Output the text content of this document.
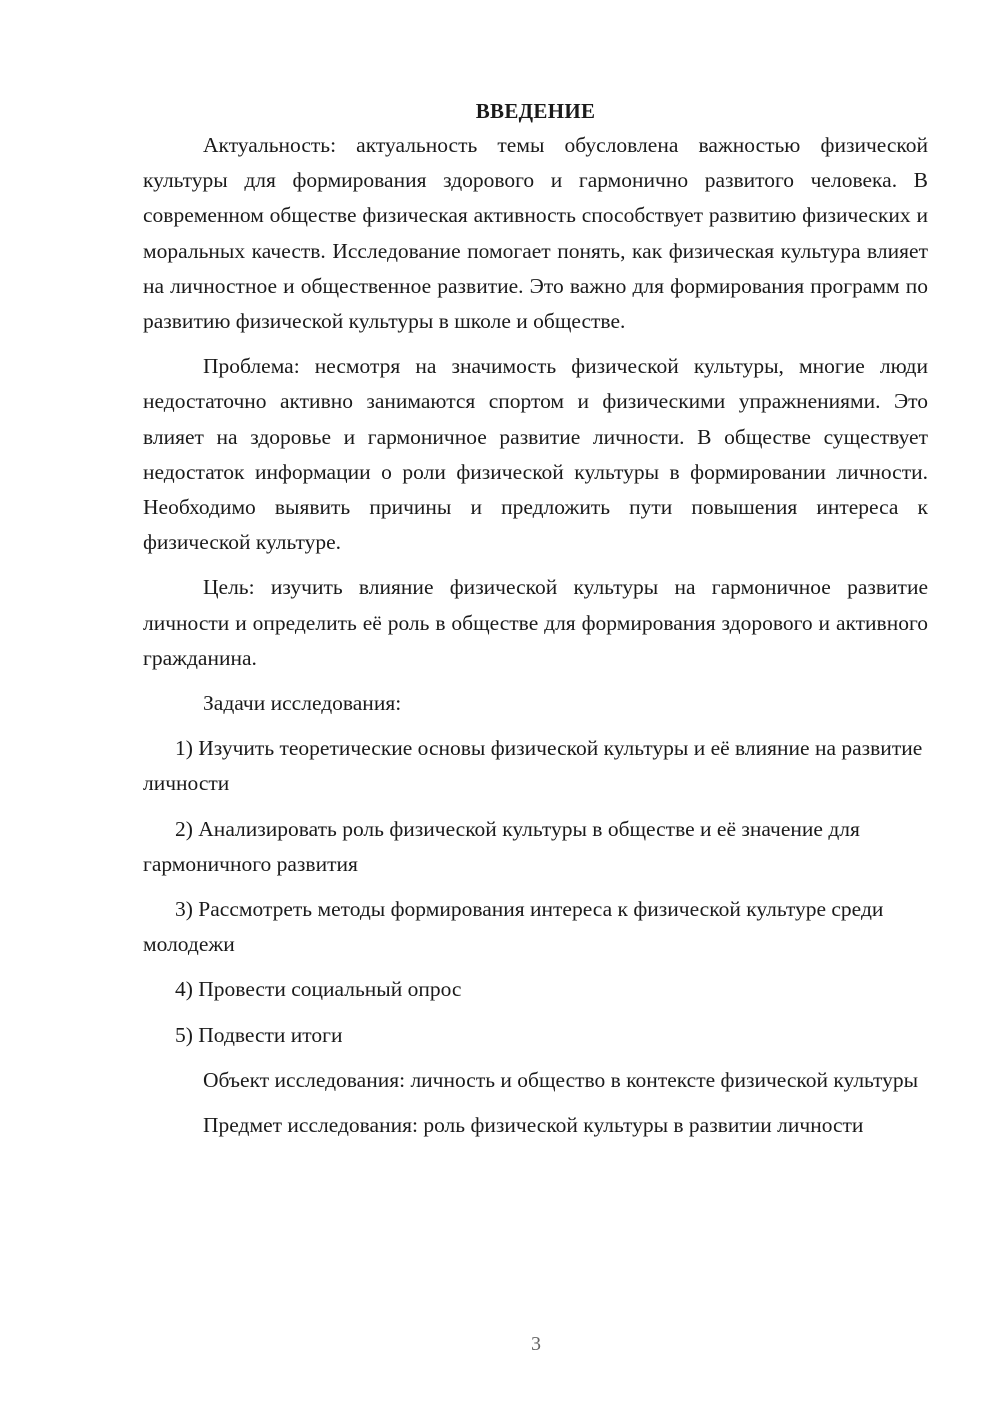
ВВЕДЕНИЕ

Актуальность: актуальность темы обусловлена важностью физической культуры для формирования здорового и гармонично развитого человека. В современном обществе физическая активность способствует развитию физических и моральных качеств. Исследование помогает понять, как физическая культура влияет на личностное и общественное развитие. Это важно для формирования программ по развитию физической культуры в школе и обществе.

Проблема: несмотря на значимость физической культуры, многие люди недостаточно активно занимаются спортом и физическими упражнениями. Это влияет на здоровье и гармоничное развитие личности. В обществе существует недостаток информации о роли физической культуры в формировании личности. Необходимо выявить причины и предложить пути повышения интереса к физической культуре.

Цель: изучить влияние физической культуры на гармоничное развитие личности и определить её роль в обществе для формирования здорового и активного гражданина.

Задачи исследования:

1) Изучить теоретические основы физической культуры и её влияние на развитие личности

2) Анализировать роль физической культуры в обществе и её значение для гармоничного развития

3) Рассмотреть методы формирования интереса к физической культуре среди молодежи

4) Провести социальный опрос

5) Подвести итоги

Объект исследования: личность и общество в контексте физической культуры

Предмет исследования: роль физической культуры в развитии личности

3
